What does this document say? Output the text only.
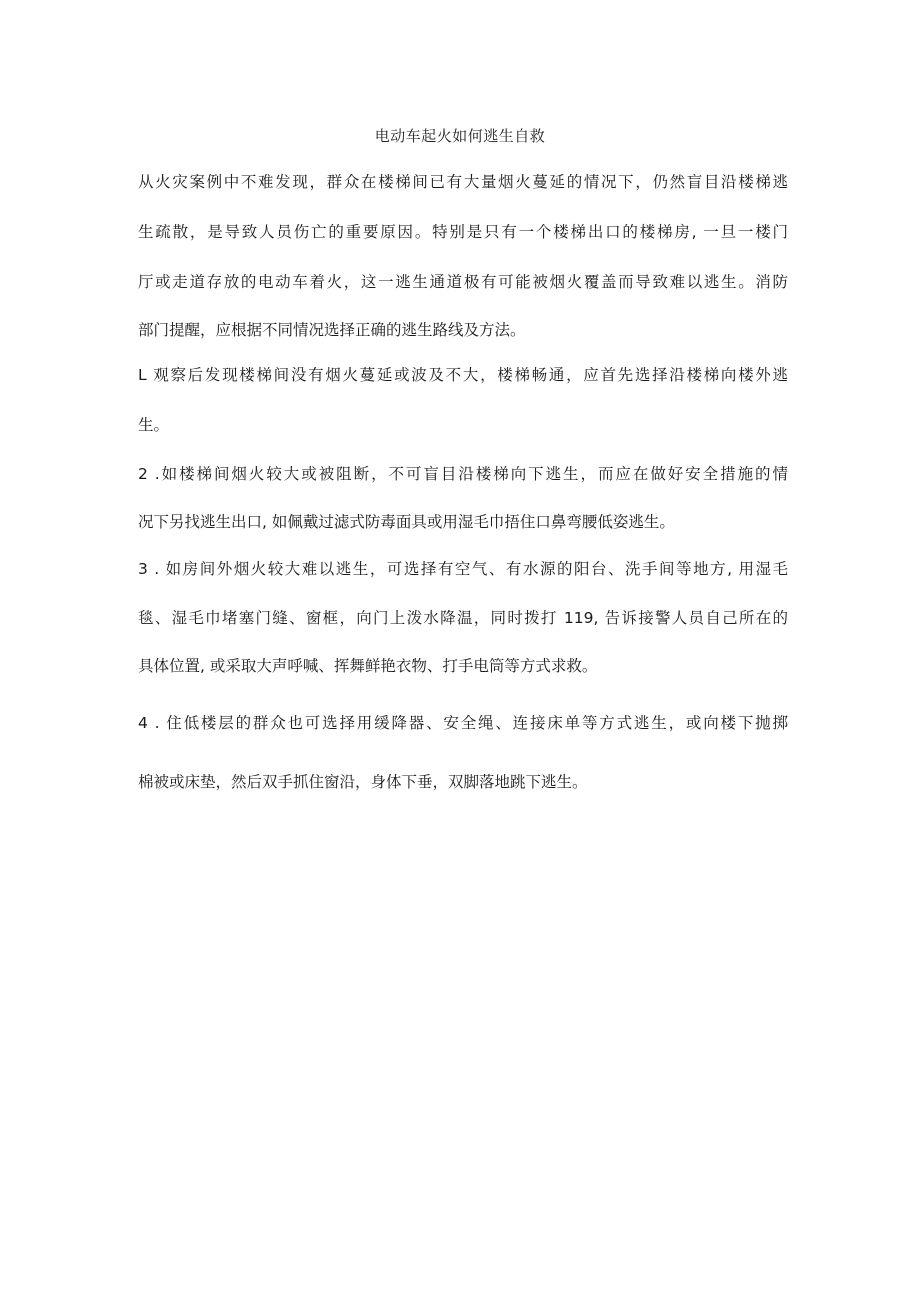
电动车起火如何逃生自救
从火灾案例中不难发现，群众在楼梯间已有大量烟火蔓延的情况下，仍然盲目沿楼梯逃
生疏散，是导致人员伤亡的重要原因。特别是只有一个楼梯出口的楼梯房, 一旦一楼门
厅或走道存放的电动车着火，这一逃生通道极有可能被烟火覆盖而导致难以逃生。消防
部门提醒，应根据不同情况选择正确的逃生路线及方法。
L 观察后发现楼梯间没有烟火蔓延或波及不大，楼梯畅通，应首先选择沿楼梯向楼外逃
生。
2 .如楼梯间烟火较大或被阻断，不可盲目沿楼梯向下逃生，而应在做好安全措施的情
况下另找逃生出口, 如佩戴过滤式防毒面具或用湿毛巾捂住口鼻弯腰低姿逃生。
3 . 如房间外烟火较大难以逃生，可选择有空气、有水源的阳台、洗手间等地方, 用湿毛
毯、湿毛巾堵塞门缝、窗框，向门上泼水降温，同时拨打 119, 告诉接警人员自己所在的
具体位置, 或采取大声呼喊、挥舞鲜艳衣物、打手电筒等方式求救。
4 . 住低楼层的群众也可选择用缓降器、安全绳、连接床单等方式逃生，或向楼下抛掷
棉被或床垫，然后双手抓住窗沿，身体下垂，双脚落地跳下逃生。
